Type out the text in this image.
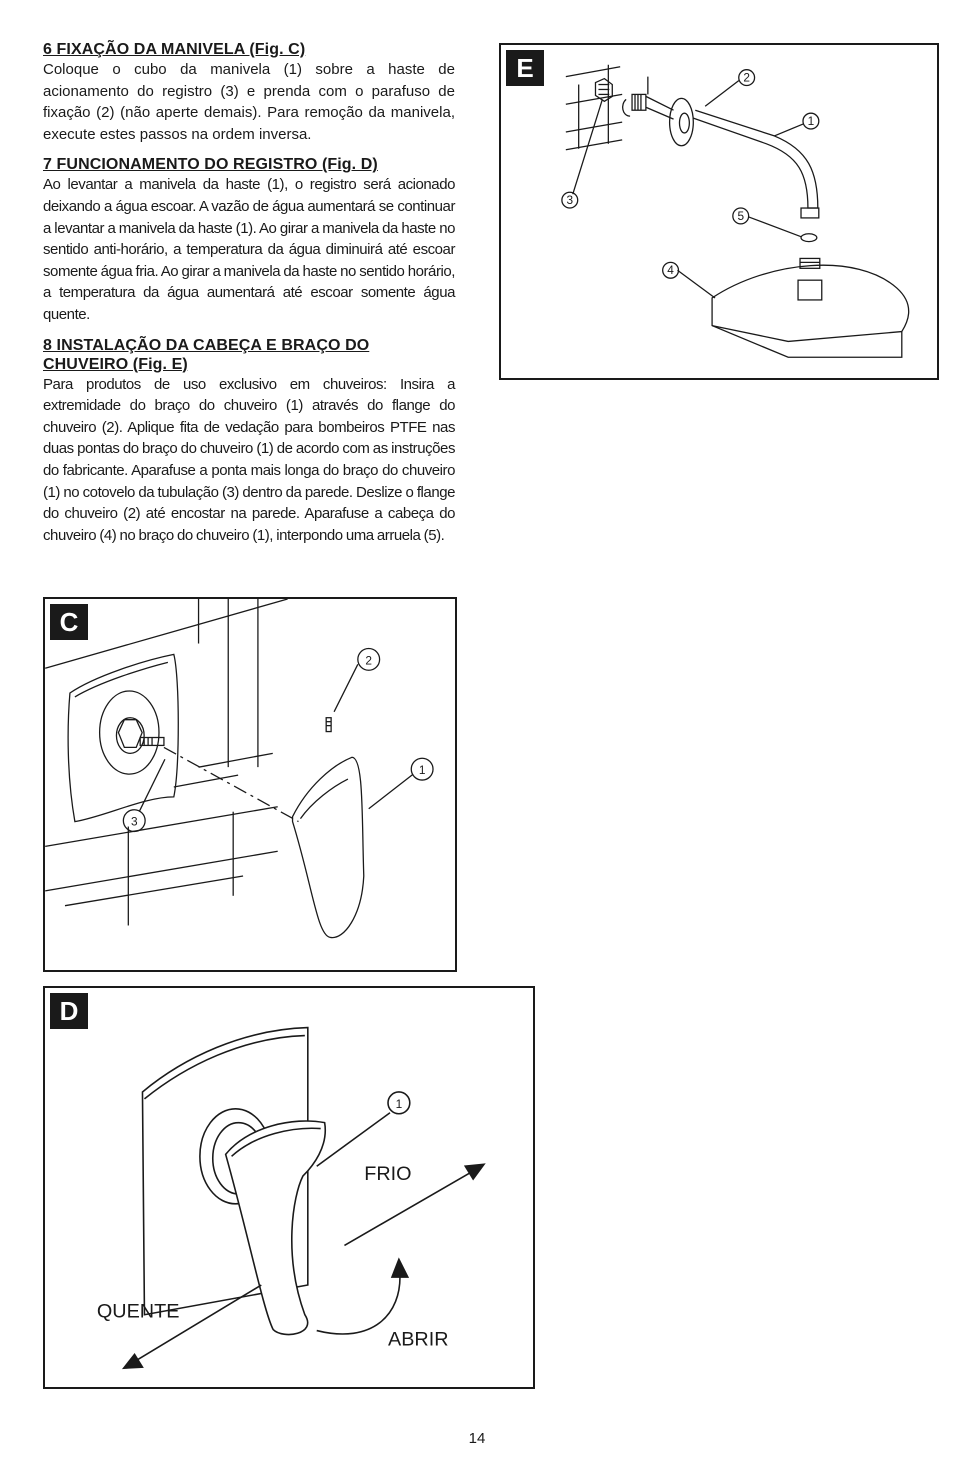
6 FIXAÇÃO DA MANIVELA (Fig. C)
Coloque o cubo da manivela (1) sobre a haste de acionamento do registro (3) e prenda com o parafuso de fixação (2) (não aperte demais). Para remoção da manivela, execute estes passos na ordem inversa.
7 FUNCIONAMENTO DO REGISTRO (Fig. D)
Ao levantar a manivela da haste (1), o registro será acionado deixando a água escoar. A vazão de água aumentará se continuar a levantar a manivela da haste (1). Ao girar a manivela da haste no sentido anti-horário, a temperatura da água diminuirá até escoar somente água fria. Ao girar a manivela da haste no sentido horário, a temperatura da água aumentará até escoar somente água quente.
8 INSTALAÇÃO DA CABEÇA E BRAÇO DO CHUVEIRO (Fig. E)
Para produtos de uso exclusivo em chuveiros: Insira a extremidade do braço do chuveiro (1) através do flange do chuveiro (2). Aplique fita de vedação para bombeiros PTFE nas duas pontas do braço do chuveiro (1) de acordo com as instruções do fabricante. Aparafuse a ponta mais longa do braço do chuveiro (1) no cotovelo da tubulação (3) dentro da parede. Deslize o flange do chuveiro (2) até encostar na parede. Aparafuse a cabeça do chuveiro (4) no braço do chuveiro (1), interpondo uma arruela (5).
E	2
1
3
5
4
C
2
1
3
D
1
FRIO
QUENTE
ABRIR
14
